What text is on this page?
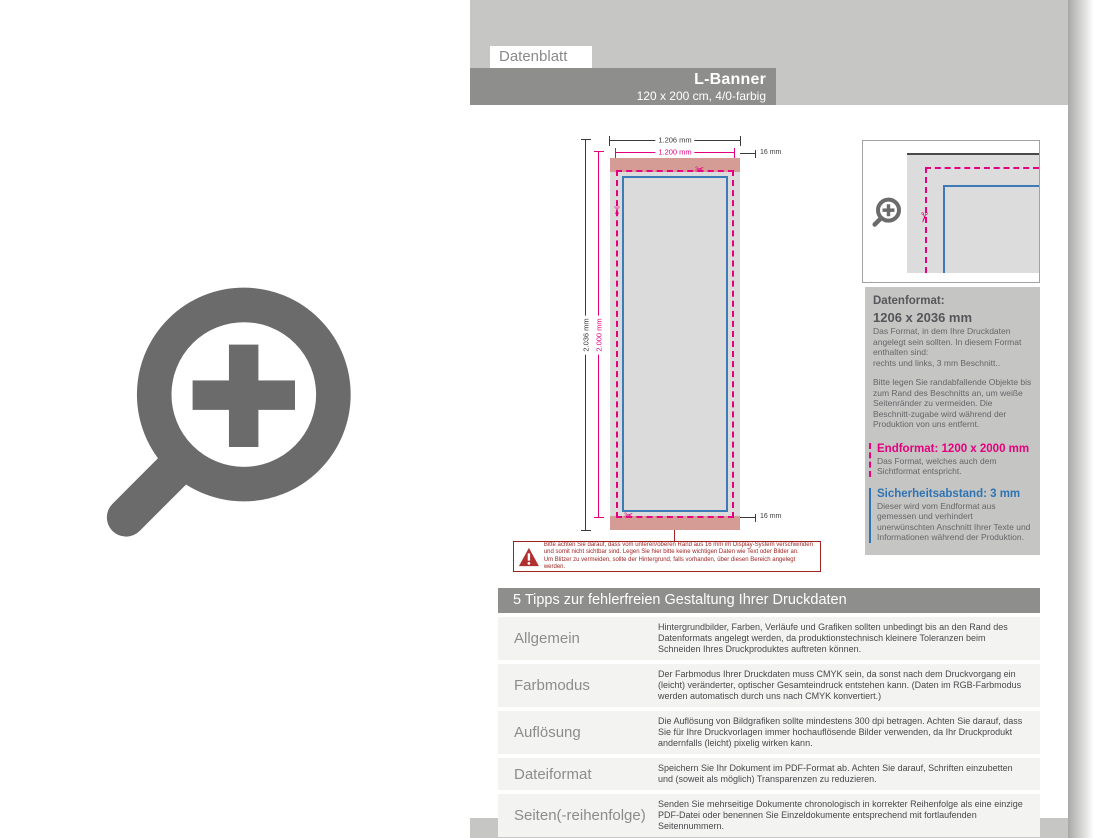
Datenblatt
L-Banner
120 x 200 cm, 4/0-farbig
1.206 mm
1.200 mm
2.036 mm 2.000 mm
16 mm
16 mm
✂
✂
✂
Bitte achten Sie darauf, dass vom unteren/oberen Rand aus 16 mm im Display-System verschwinden
und somit nicht sichtbar sind. Legen Sie hier bitte keine wichtigen Daten wie Text oder Bilder an.
Um Blitzer zu vermeiden, sollte der Hintergrund, falls vorhanden, über diesen Bereich angelegt werden.
✂
Datenformat:
1206 x 2036 mm

Das Format, in dem Ihre Druckdaten angelegt sein sollten. In diesem Format enthalten sind:

rechts und links, 3 mm Beschnitt..

Bitte legen Sie randabfallende Objekte bis zum Rand des Beschnitts an, um weiße Seitenränder zu vermeiden. Die Beschnitt-zugabe wird während der Produktion von uns entfernt.

Endformat: 1200 x 2000 mm

Das Format, welches auch dem Sichtformat entspricht.

Sicherheitsabstand: 3 mm

Dieser wird vom Endformat aus gemessen und verhindert unerwünschten Anschnitt Ihrer Texte und Informationen während der Produktion.

5 Tipps zur fehlerfreien Gestaltung Ihrer Druckdaten
Allgemein
Hintergrundbilder, Farben, Verläufe und Grafiken sollten unbedingt bis an den Rand des Datenformats angelegt werden, da produktionstechnisch kleinere Toleranzen beim Schneiden Ihres Druckproduktes auftreten können.
Farbmodus
Der Farbmodus Ihrer Druckdaten muss CMYK sein, da sonst nach dem Druckvorgang ein (leicht) veränderter, optischer Gesamteindruck entstehen kann. (Daten im RGB-Farbmodus werden automatisch durch uns nach CMYK konvertiert.)
Auflösung
Die Auflösung von Bildgrafiken sollte mindestens 300 dpi betragen. Achten Sie darauf, dass Sie für Ihre Druckvorlagen immer hochauflösende Bilder verwenden, da Ihr Druckprodukt andernfalls (leicht) pixelig wirken kann.
Dateiformat	Speichern Sie Ihr Dokument im PDF-Format ab. Achten Sie darauf, Schriften einzubetten und (soweit als möglich) Transparenzen zu reduzieren.
Seiten(-reihenfolge)
Senden Sie mehrseitige Dokumente chronologisch in korrekter Reihenfolge als eine einzige PDF-Datei oder benennen Sie Einzeldokumente entsprechend mit fortlaufenden Seitennummern.
